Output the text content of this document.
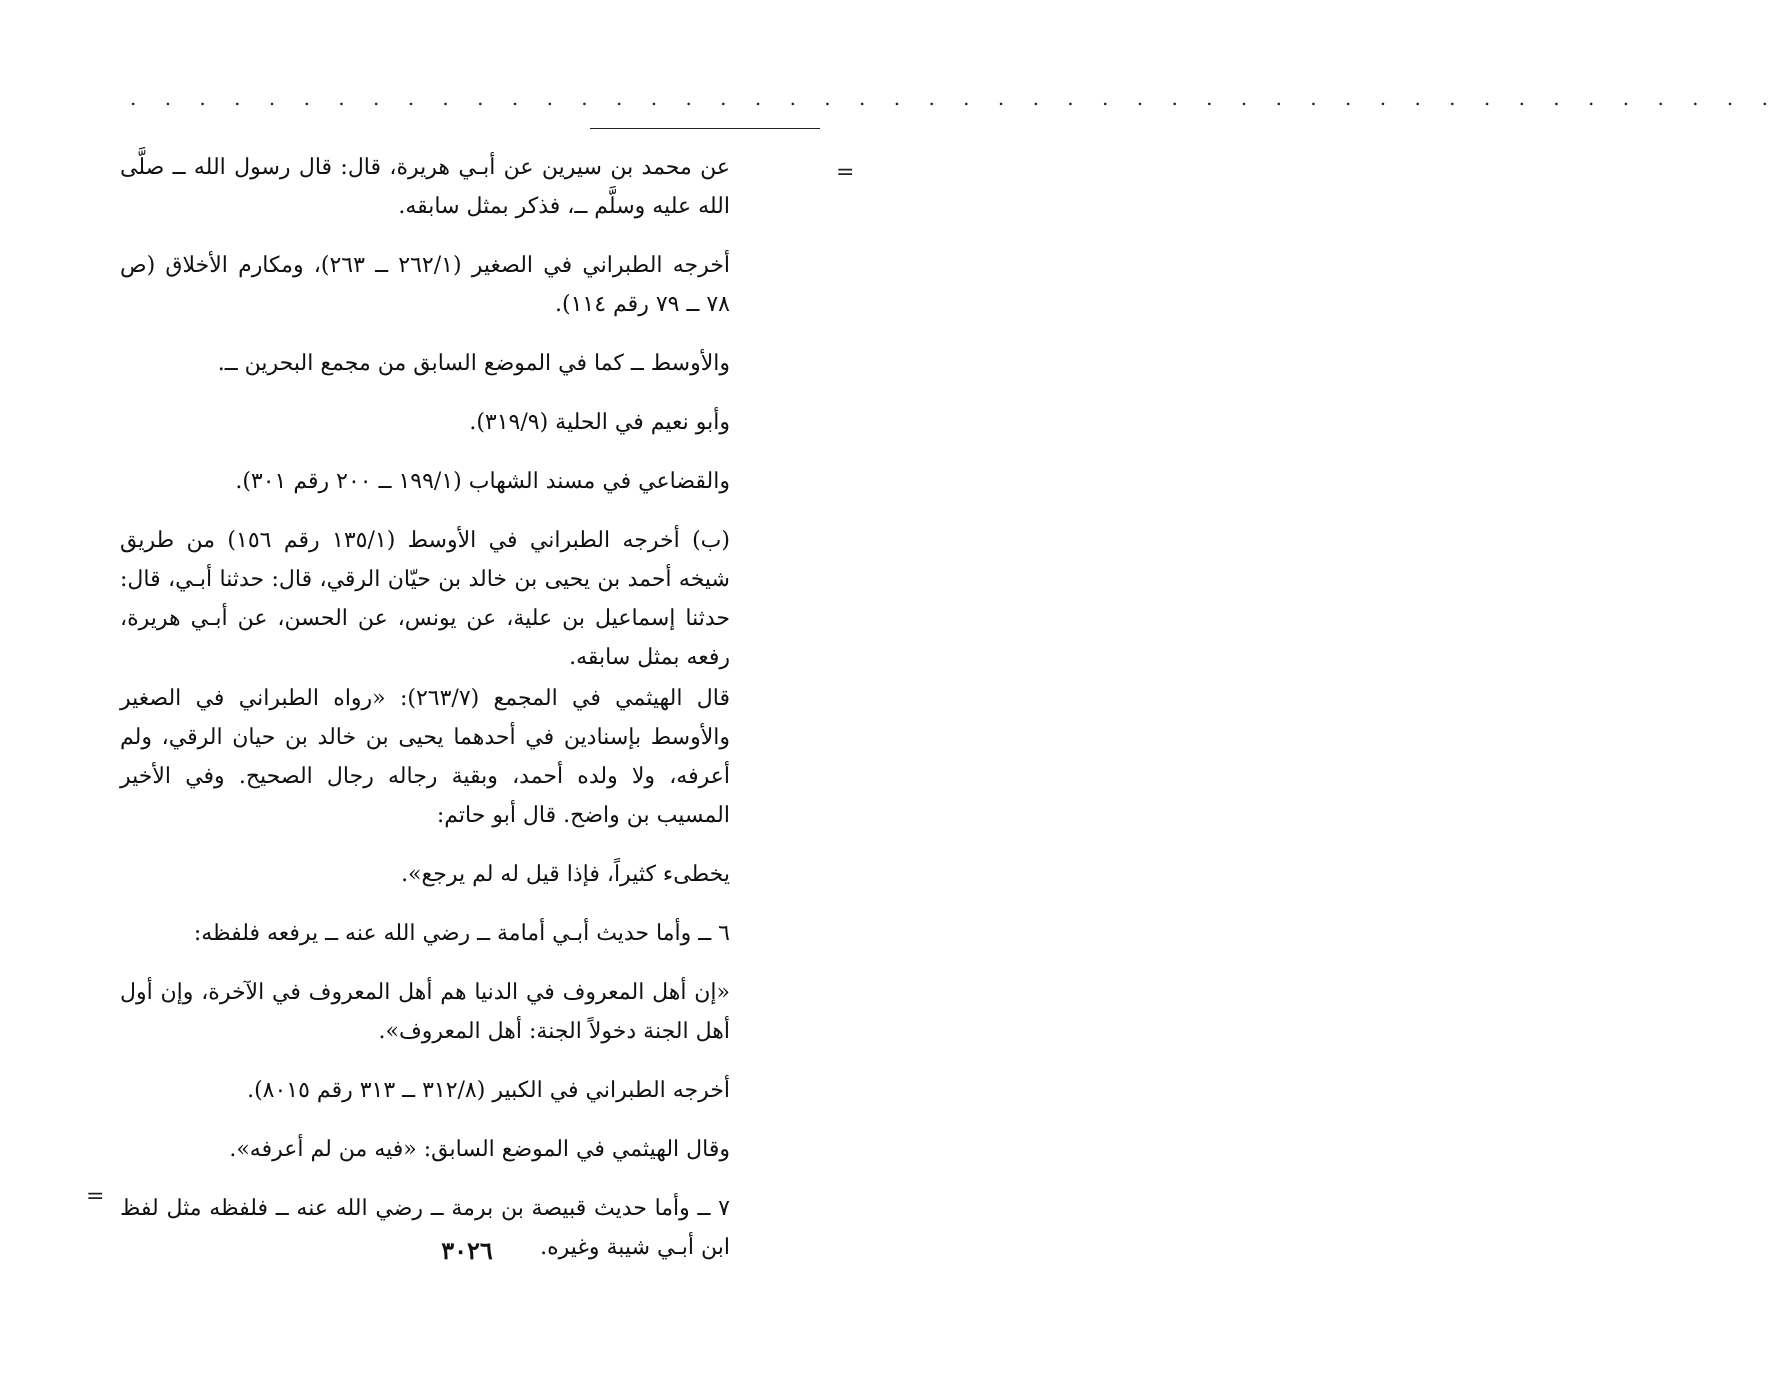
. . . . . . . . . . . . . . . . . . . . . . . . . . . . . . . . . . . . . . . . . . . . . . . .
=
=

عن محمد بن سيرين عن أبـي هريرة، قال: قال رسول الله ــ صلَّى الله عليه وسلَّم ــ، فذكر بمثل سابقه.

أخرجه الطبراني في الصغير (٢٦٢/١ ــ ٢٦٣)، ومكارم الأخلاق (ص ٧٨ ــ ٧٩ رقم ١١٤).

والأوسط ــ كما في الموضع السابق من مجمع البحرين ــ.

وأبو نعيم في الحلية (٣١٩/٩).

والقضاعي في مسند الشهاب (١٩٩/١ ــ ٢٠٠ رقم ٣٠١).

(ب) أخرجه الطبراني في الأوسط (١٣٥/١ رقم ١٥٦) من طريق شيخه أحمد بن يحيى بن خالد بن حيّان الرقي، قال: حدثنا أبـي، قال: حدثنا إسماعيل بن علية، عن يونس، عن الحسن، عن أبـي هريرة، رفعه بمثل سابقه.

قال الهيثمي في المجمع (٢٦٣/٧): «رواه الطبراني في الصغير والأوسط بإسنادين في أحدهما يحيى بن خالد بن حيان الرقي، ولم أعرفه، ولا ولده أحمد، وبقية رجاله رجال الصحيح. وفي الأخير المسيب بن واضح. قال أبو حاتم:

يخطىء كثيراً، فإذا قيل له لم يرجع».

٦ ــ وأما حديث أبـي أمامة ــ رضي الله عنه ــ يرفعه فلفظه:

«إن أهل المعروف في الدنيا هم أهل المعروف في الآخرة، وإن أول أهل الجنة دخولاً الجنة: أهل المعروف».

أخرجه الطبراني في الكبير (٣١٢/٨ ــ ٣١٣ رقم ٨٠١٥).

وقال الهيثمي في الموضع السابق: «فيه من لم أعرفه».

٧ ــ وأما حديث قبيصة بن برمة ــ رضي الله عنه ــ فلفظه مثل لفظ ابن أبـي شيبة وغيره.

٣٠٢٦
